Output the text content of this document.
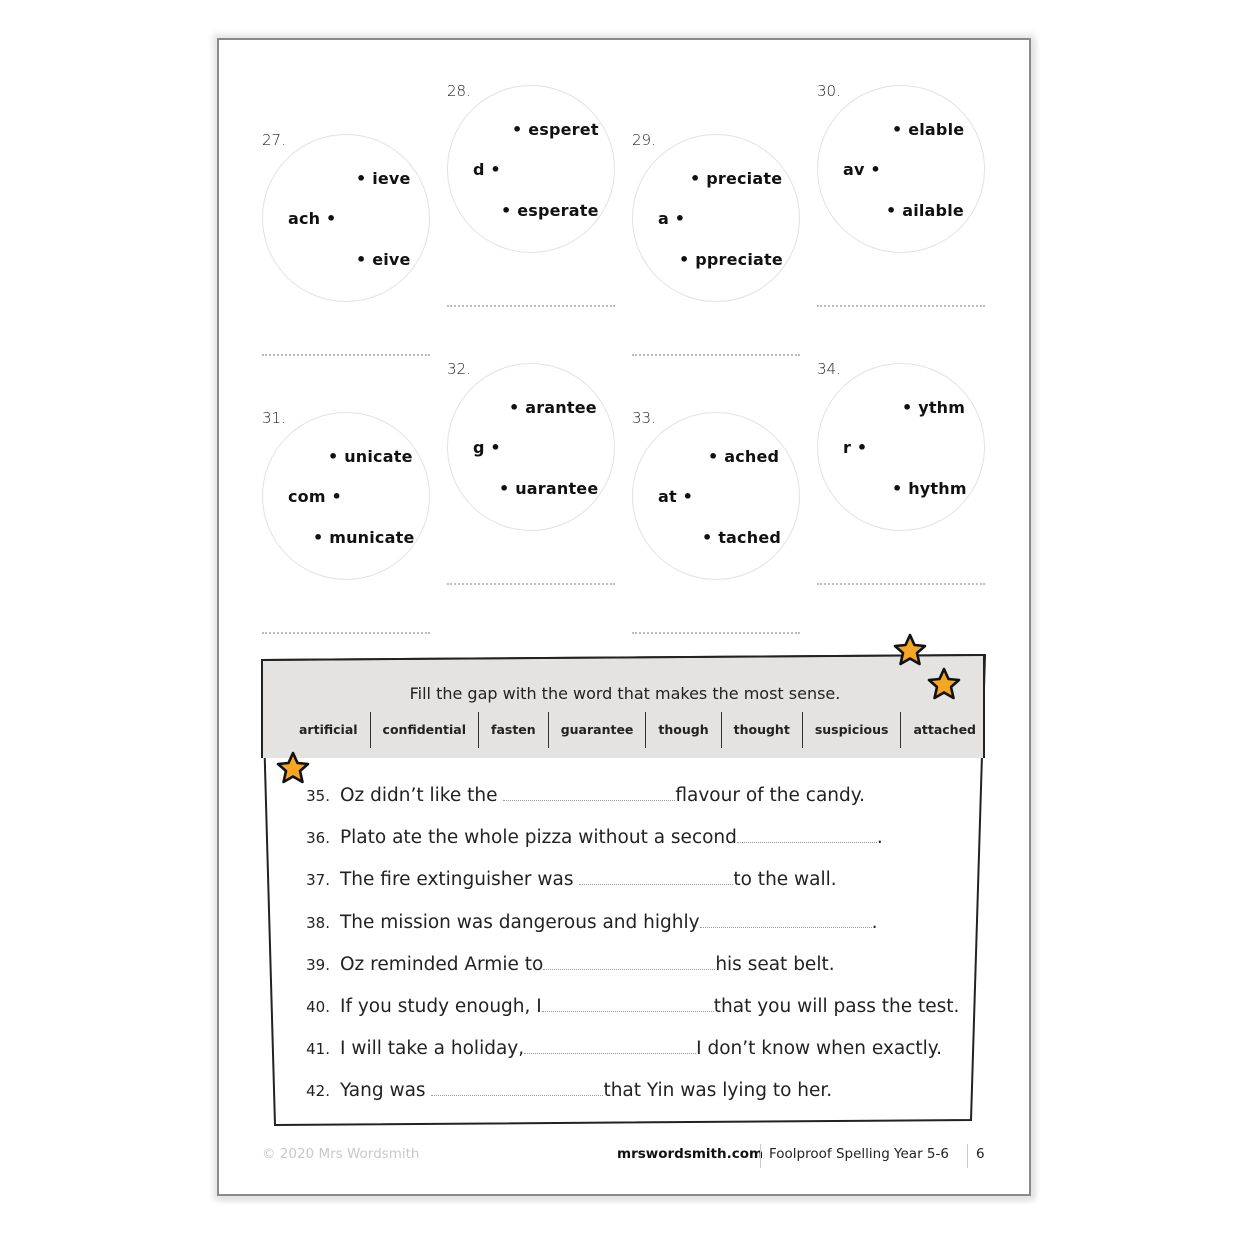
ach •
• ieve
• eive
27.
d •
• esperet
• esperate
28.
a •
• preciate
• ppreciate
29.
av •
• elable
• ailable
30.
com •
• unicate
• municate
31.
g •
• arantee
• uarantee
32.
at •
• ached
• tached
33.
r •
• ythm
• hythm
34.
Fill the gap with the word that makes the most sense.
artificial	confidential	fasten	guarantee	though	thought	suspicious	attached
35. Oz didn’t like the	flavour of the candy.
36. Plato ate the whole pizza without a second	.
37. The fire extinguisher was	to the wall.
38. The mission was dangerous and highly	.
39. Oz reminded Armie to	his seat belt.
40. If you study enough, I	that you will pass the test.
41. I will take a holiday,	I don’t know when exactly.
42. Yang was	that Yin was lying to her.
© 2020 Mrs Wordsmith	mrswordsmith.com Foolproof Spelling Year 5-6 6
